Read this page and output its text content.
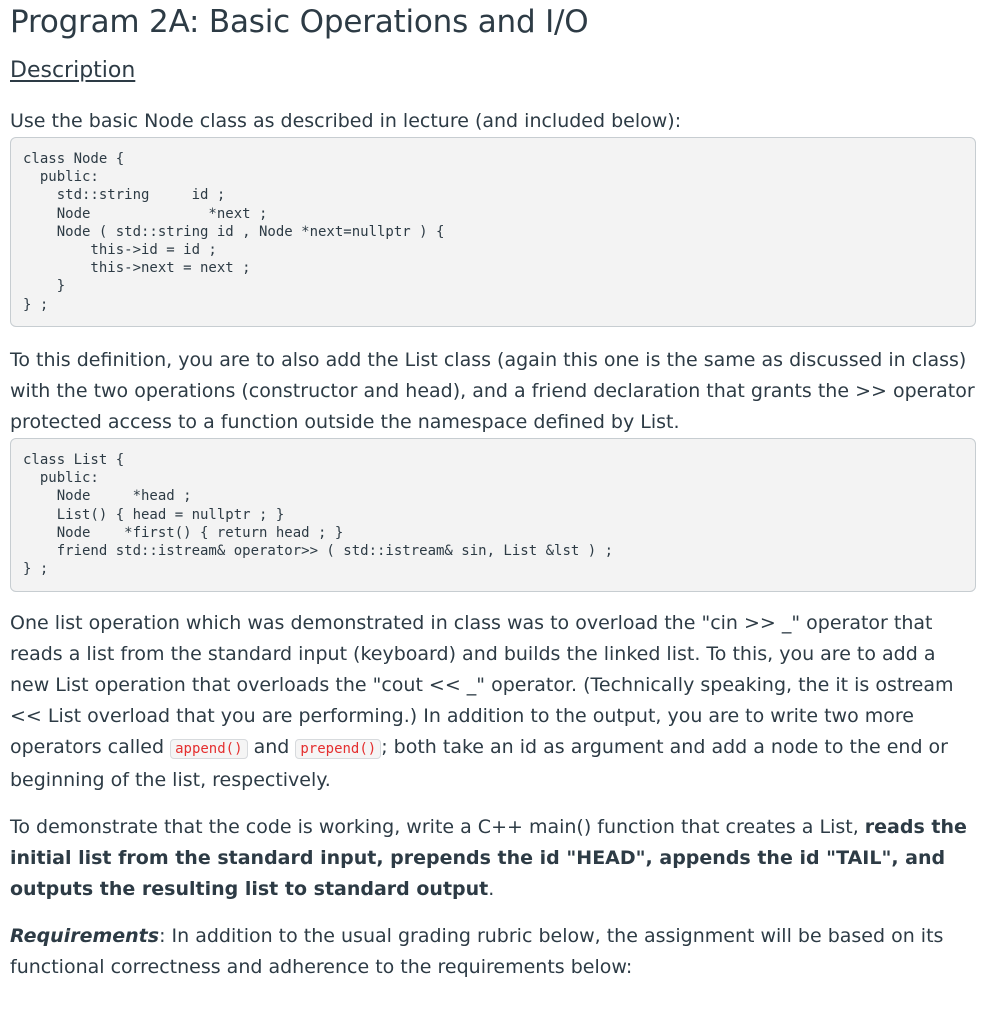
Program 2A: Basic Operations and I/O
Description

Use the basic Node class as described in lecture (and included below):

class Node {
public:
std::string     id ;
Node              *next ;
Node ( std::string id , Node *next=nullptr ) {
this->id = id ;
this->next = next ;
}
} ;

To this definition, you are to also add the List class (again this one is the same as discussed in class) with the two operations (constructor and head), and a friend declaration that grants the >> operator protected access to a function outside the namespace defined by List.

class List {
public:
Node     *head ;
List() { head = nullptr ; }
Node    *first() { return head ; }
friend std::istream& operator>> ( std::istream& sin, List &lst ) ;
} ;

One list operation which was demonstrated in class was to overload the "cin >> _" operator that reads a list from the standard input (keyboard) and builds the linked list. To this, you are to add a new List operation that overloads the "cout << _" operator. (Technically speaking, the it is ostream << List overload that you are performing.) In addition to the output, you are to write two more operators called append() and prepend() ; both take an id as argument and add a node to the end or beginning of the list, respectively.

To demonstrate that the code is working, write a C++ main() function that creates a List, reads the initial list from the standard input, prepends the id "HEAD", appends the id "TAIL", and outputs the resulting list to standard output.

Requirements: In addition to the usual grading rubric below, the assignment will be based on its functional correctness and adherence to the requirements below:
